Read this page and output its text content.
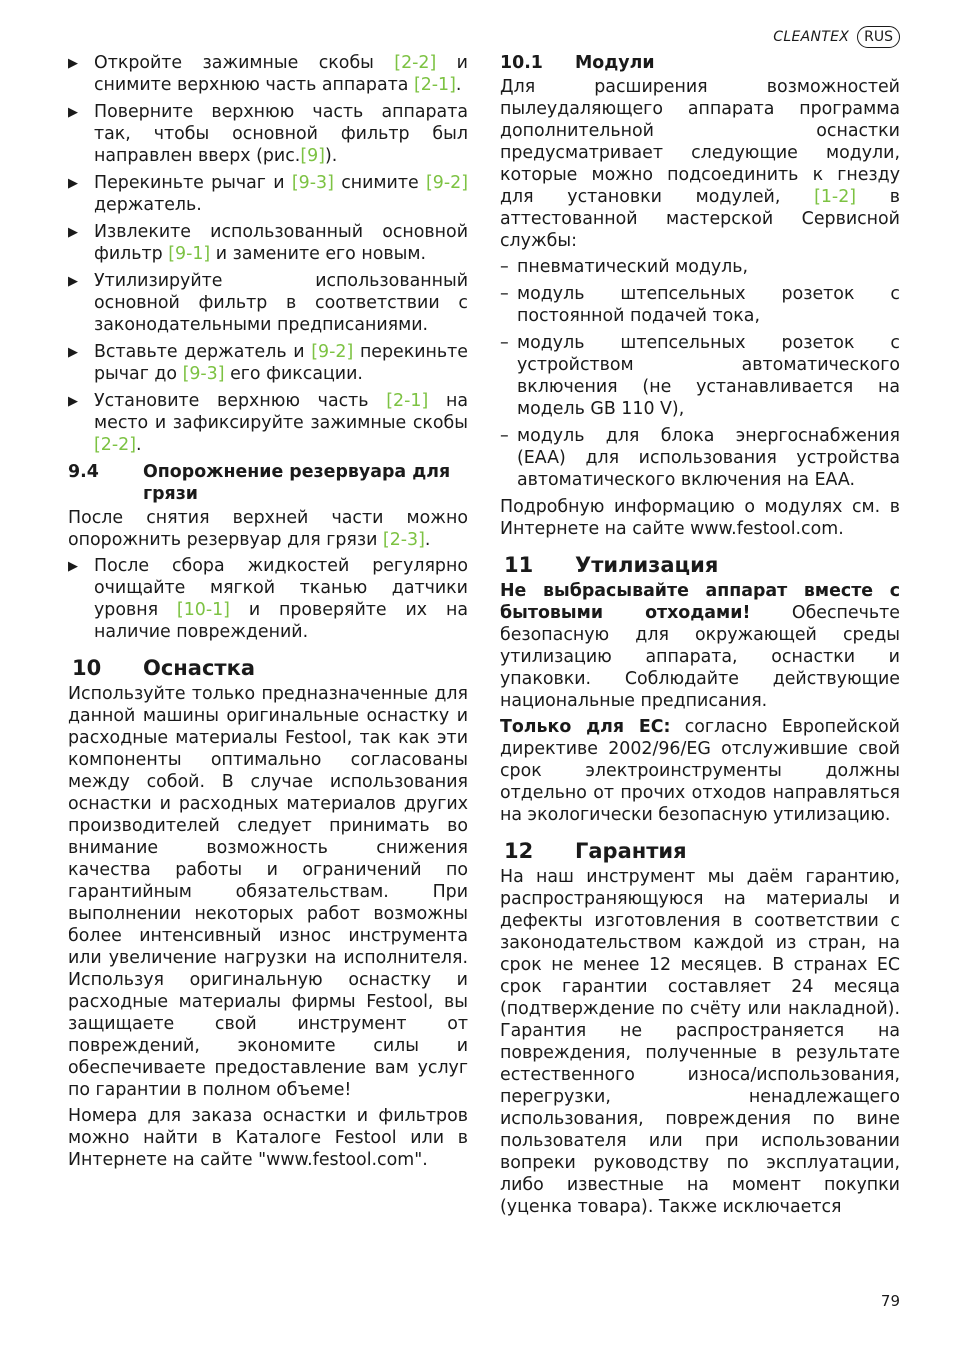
CLEANTEX	RUS
▶ Откройте зажимные скобы [2-2] и снимите верхнюю часть аппарата [2-1].
▶ Поверните верхнюю часть аппарата так, чтобы основной фильтр был направлен вверх (рис.[9]).
▶ Перекиньте рычаг и [9-3] снимите [9-2] держатель.
▶ Извлеките использованный основной фильтр [9-1] и замените его новым.
▶ Утилизируйте использованный основной фильтр в соответствии с законодательными предписаниями.
▶ Вставьте держатель и [9-2] перекиньте рычаг до [9-3] его фиксации.
▶ Установите верхнюю часть [2-1] на место и зафиксируйте зажимные скобы [2-2].
9.4	Опорожнение резервуара для грязи

После снятия верхней части можно опорожнить резервуар для грязи [2-3].

▶ После сбора жидкостей регулярно очищайте мягкой тканью датчики уровня [10-1] и проверяйте их на наличие повреждений.
10	Оснастка

Используйте только предназначенные для данной машины оригинальные оснастку и расходные материалы Festool, так как эти компоненты оптимально согласованы между собой. В случае использования оснастки и расходных материалов других производителей следует принимать во внимание возможность снижения качества работы и ограничений по гарантийным обязательствам. При выполнении некоторых работ возможны более интенсивный износ инструмента или увеличение нагрузки на исполнителя. Используя оригинальную оснастку и расходные материалы фирмы Festool, вы защищаете свой инструмент от повреждений, экономите силы и обеспечиваете предоставление вам услуг по гарантии в полном объеме!

Номера для заказа оснастки и фильтров можно найти в Каталоге Festool или в Интернете на сайте "www.festool.com".

10.1	Модули

Для расширения возможностей пылеудаляющего аппарата программа дополнительной оснастки предусматривает следующие модули, которые можно подсоединить к гнезду для установки модулей, [1-2] в аттестованной мастерской Сервисной службы:

– пневматический модуль,
– модуль штепсельных розеток с постоянной подачей тока,
– модуль штепсельных розеток с устройством автоматического включения (не устанавливается на модель GB 110 V),
– модуль для блока энергоснабжения (EAA) для использования устройства автоматического включения на EAA.

Подробную информацию о модулях см. в Интернете на сайте www.festool.com.

11	Утилизация

Не выбрасывайте аппарат вместе с бытовыми отходами! Обеспечьте безопасную для окружающей среды утилизацию аппарата, оснастки и упаковки. Соблюдайте действующие национальные предписания.

Только для ЕС: согласно Европейской директиве 2002/96/EG отслужившие свой срок электроинструменты должны отдельно от прочих отходов направляться на экологически безопасную утилизацию.

12	Гарантия

На наш инструмент мы даём гарантию, распространяющуюся на материалы и дефекты изготовления в соответствии с законодательством каждой из стран, на срок не менее 12 месяцев. В странах ЕС срок гарантии составляет 24 месяца (подтверждение по счёту или накладной). Гарантия не распространяется на повреждения, полученные в результате естественного износа/использования, перегрузки, ненадлежащего использования, повреждения по вине пользователя или при использовании вопреки руководству по эксплуатации, либо известные на момент покупки (уценка товара). Также исключается

79
